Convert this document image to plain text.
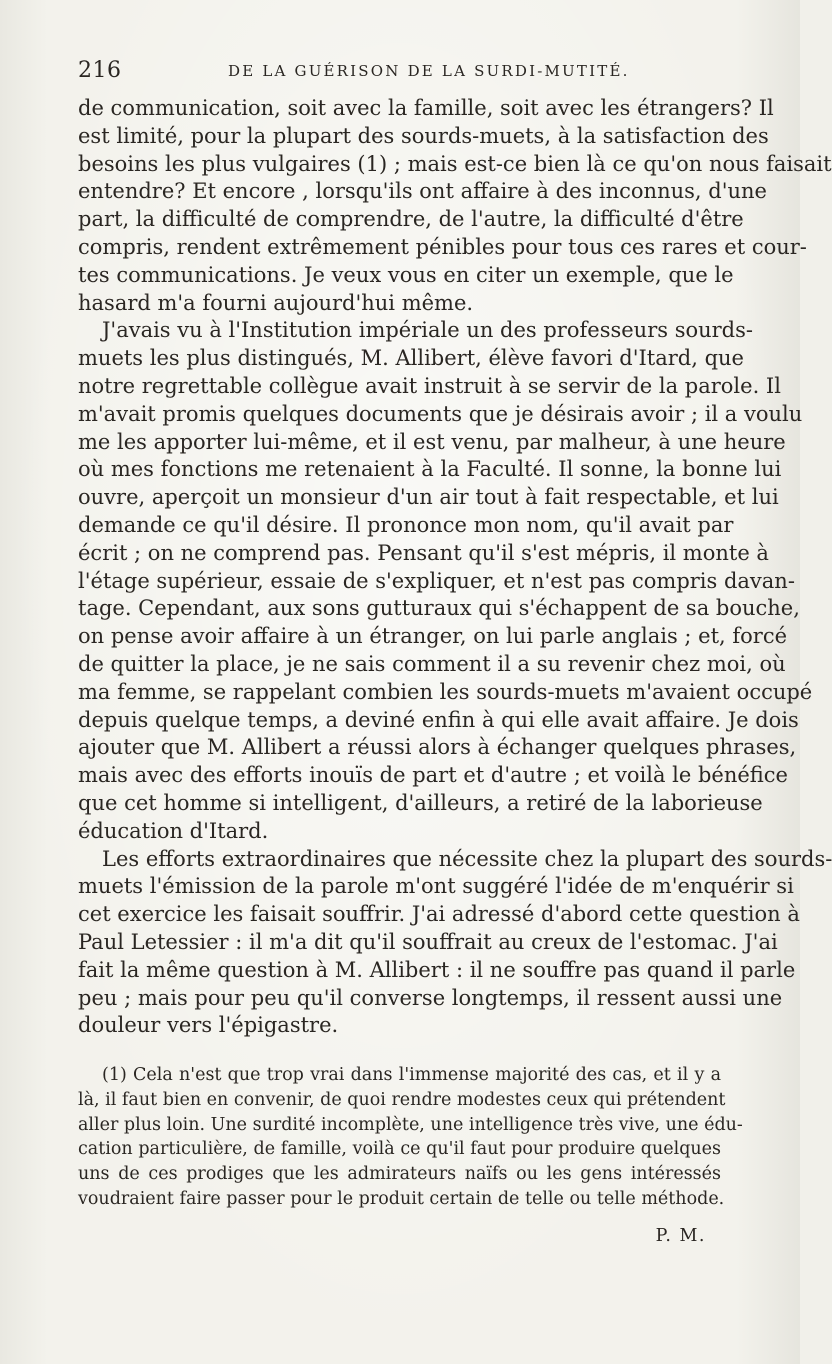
216	DE LA GUÉRISON DE LA SURDI-MUTITÉ.
de communication, soit avec la famille, soit avec les étrangers? Il
est limité, pour la plupart des sourds-muets, à la satisfaction des
besoins les plus vulgaires (1) ; mais est-ce bien là ce qu'on nous faisait
entendre? Et encore , lorsqu'ils ont affaire à des inconnus, d'une
part, la difficulté de comprendre, de l'autre, la difficulté d'être
compris, rendent extrêmement pénibles pour tous ces rares et cour-
tes communications. Je veux vous en citer un exemple, que le
hasard m'a fourni aujourd'hui même.
J'avais vu à l'Institution impériale un des professeurs sourds-
muets les plus distingués, M. Allibert, élève favori d'Itard, que
notre regrettable collègue avait instruit à se servir de la parole. Il
m'avait promis quelques documents que je désirais avoir ; il a voulu
me les apporter lui-même, et il est venu, par malheur, à une heure
où mes fonctions me retenaient à la Faculté. Il sonne, la bonne lui
ouvre, aperçoit un monsieur d'un air tout à fait respectable, et lui
demande ce qu'il désire. Il prononce mon nom, qu'il avait par
écrit ; on ne comprend pas. Pensant qu'il s'est mépris, il monte à
l'étage supérieur, essaie de s'expliquer, et n'est pas compris davan-
tage. Cependant, aux sons gutturaux qui s'échappent de sa bouche,
on pense avoir affaire à un étranger, on lui parle anglais ; et, forcé
de quitter la place, je ne sais comment il a su revenir chez moi, où
ma femme, se rappelant combien les sourds-muets m'avaient occupé
depuis quelque temps, a deviné enfin à qui elle avait affaire. Je dois
ajouter que M. Allibert a réussi alors à échanger quelques phrases,
mais avec des efforts inouïs de part et d'autre ; et voilà le bénéfice
que cet homme si intelligent, d'ailleurs, a retiré de la laborieuse
éducation d'Itard.
Les efforts extraordinaires que nécessite chez la plupart des sourds-
muets l'émission de la parole m'ont suggéré l'idée de m'enquérir si
cet exercice les faisait souffrir. J'ai adressé d'abord cette question à
Paul Letessier : il m'a dit qu'il souffrait au creux de l'estomac. J'ai
fait la même question à M. Allibert : il ne souffre pas quand il parle
peu ; mais pour peu qu'il converse longtemps, il ressent aussi une
douleur vers l'épigastre.
(1) Cela n'est que trop vrai dans l'immense majorité des cas, et il y a
là, il faut bien en convenir, de quoi rendre modestes ceux qui prétendent
aller plus loin. Une surdité incomplète, une intelligence très vive, une édu-
cation particulière, de famille, voilà ce qu'il faut pour produire quelques
uns de ces prodiges que les admirateurs naïfs ou les gens intéressés
voudraient faire passer pour le produit certain de telle ou telle méthode.
P. M.
